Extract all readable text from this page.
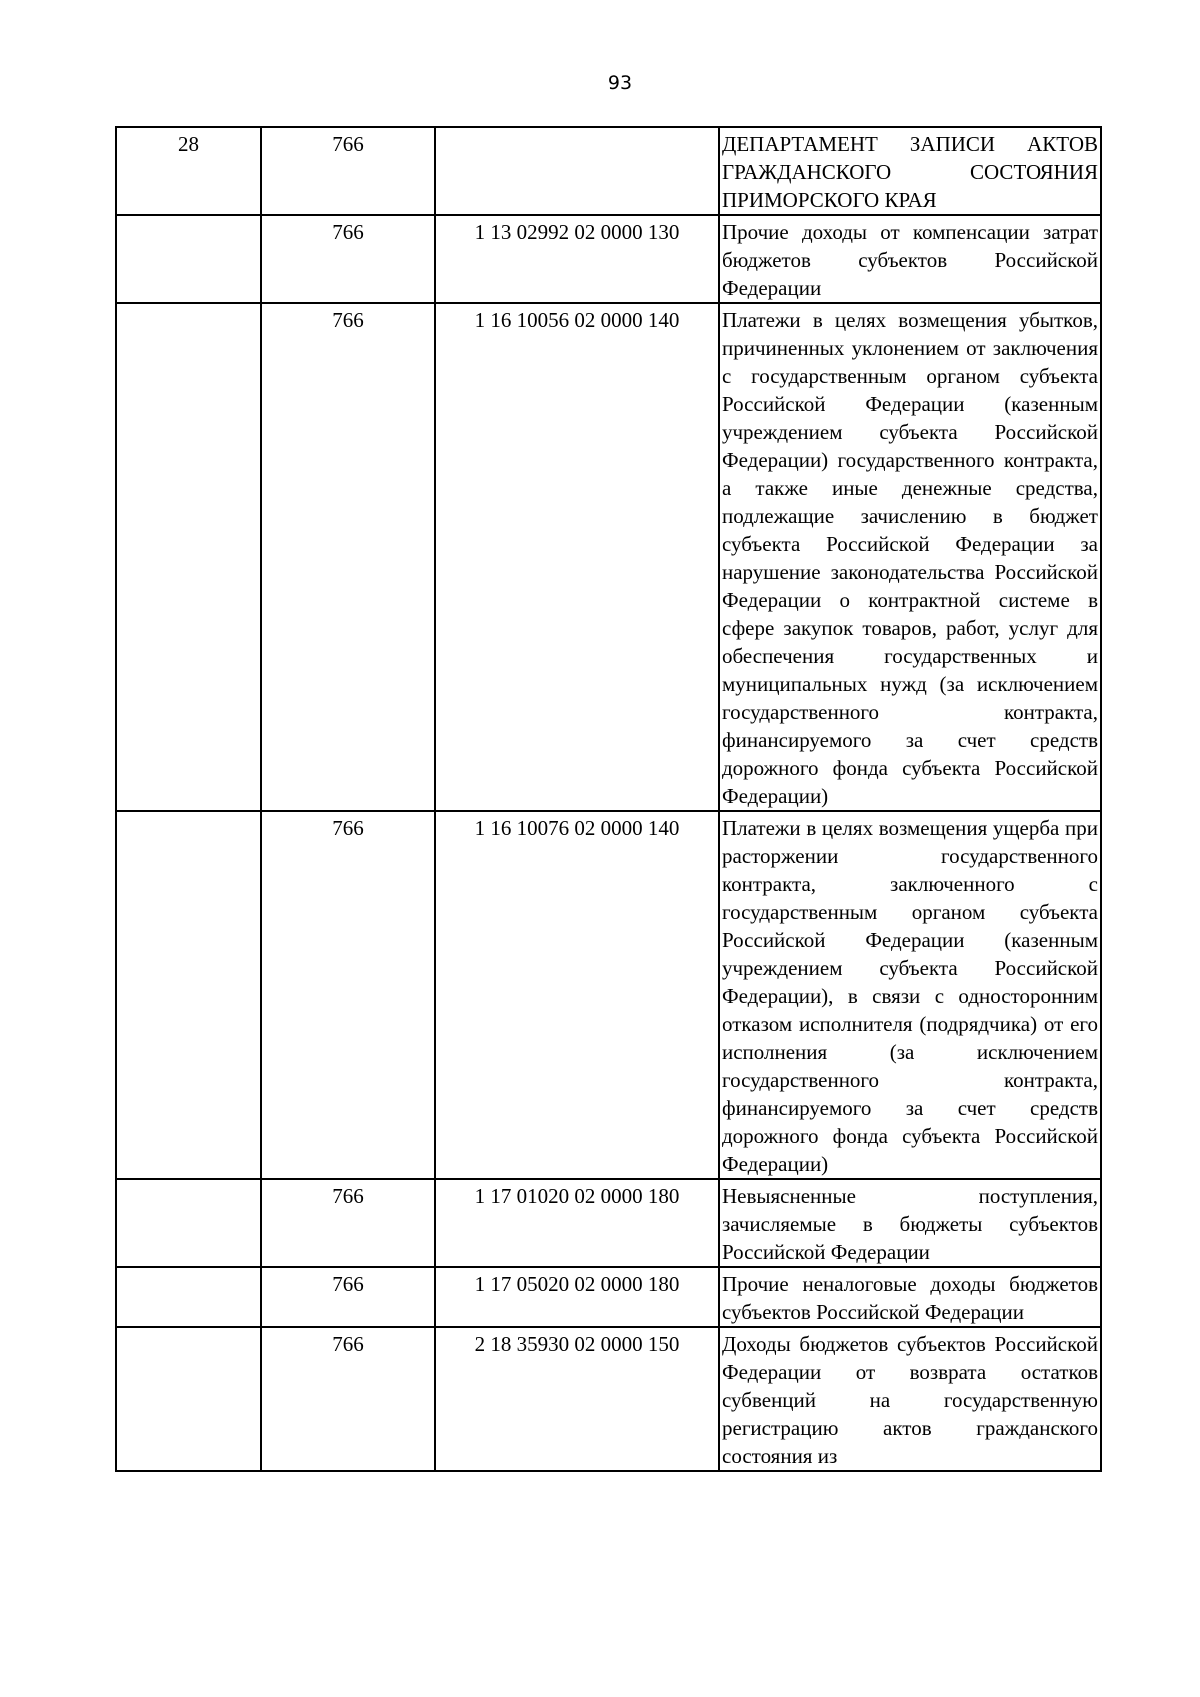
93
28	766		ДЕПАРТАМЕНТ ЗАПИСИ АКТОВ ГРАЖДАНСКОГО СОСТОЯНИЯ ПРИМОРСКОГО КРАЯ
	766	1 13 02992 02 0000 130	Прочие доходы от компенсации затрат бюджетов субъектов Российской Федерации
	766	1 16 10056 02 0000 140	Платежи в целях возмещения убытков, причиненных уклонением от заключения с государственным органом субъекта Российской Федерации (казенным учреждением субъекта Российской Федерации) государственного контракта, а также иные денежные средства, подлежащие зачислению в бюджет субъекта Российской Федерации за нарушение законодательства Российской Федерации о контрактной системе в сфере закупок товаров, работ, услуг для обеспечения государственных и муниципальных нужд (за исключением государственного контракта, финансируемого за счет средств дорожного фонда субъекта Российской Федерации)
	766	1 16 10076 02 0000 140	Платежи в целях возмещения ущерба при расторжении государственного контракта, заключенного с государственным органом субъекта Российской Федерации (казенным учреждением субъекта Российской Федерации), в связи с односторонним отказом исполнителя (подрядчика) от его исполнения (за исключением государственного контракта, финансируемого за счет средств дорожного фонда субъекта Российской Федерации)
	766	1 17 01020 02 0000 180	Невыясненные поступления, зачисляемые в бюджеты субъектов Российской Федерации
	766	1 17 05020 02 0000 180	Прочие неналоговые доходы бюджетов субъектов Российской Федерации
	766	2 18 35930 02 0000 150	Доходы бюджетов субъектов Российской Федерации от возврата остатков субвенций на государственную регистрацию актов гражданского состояния из
